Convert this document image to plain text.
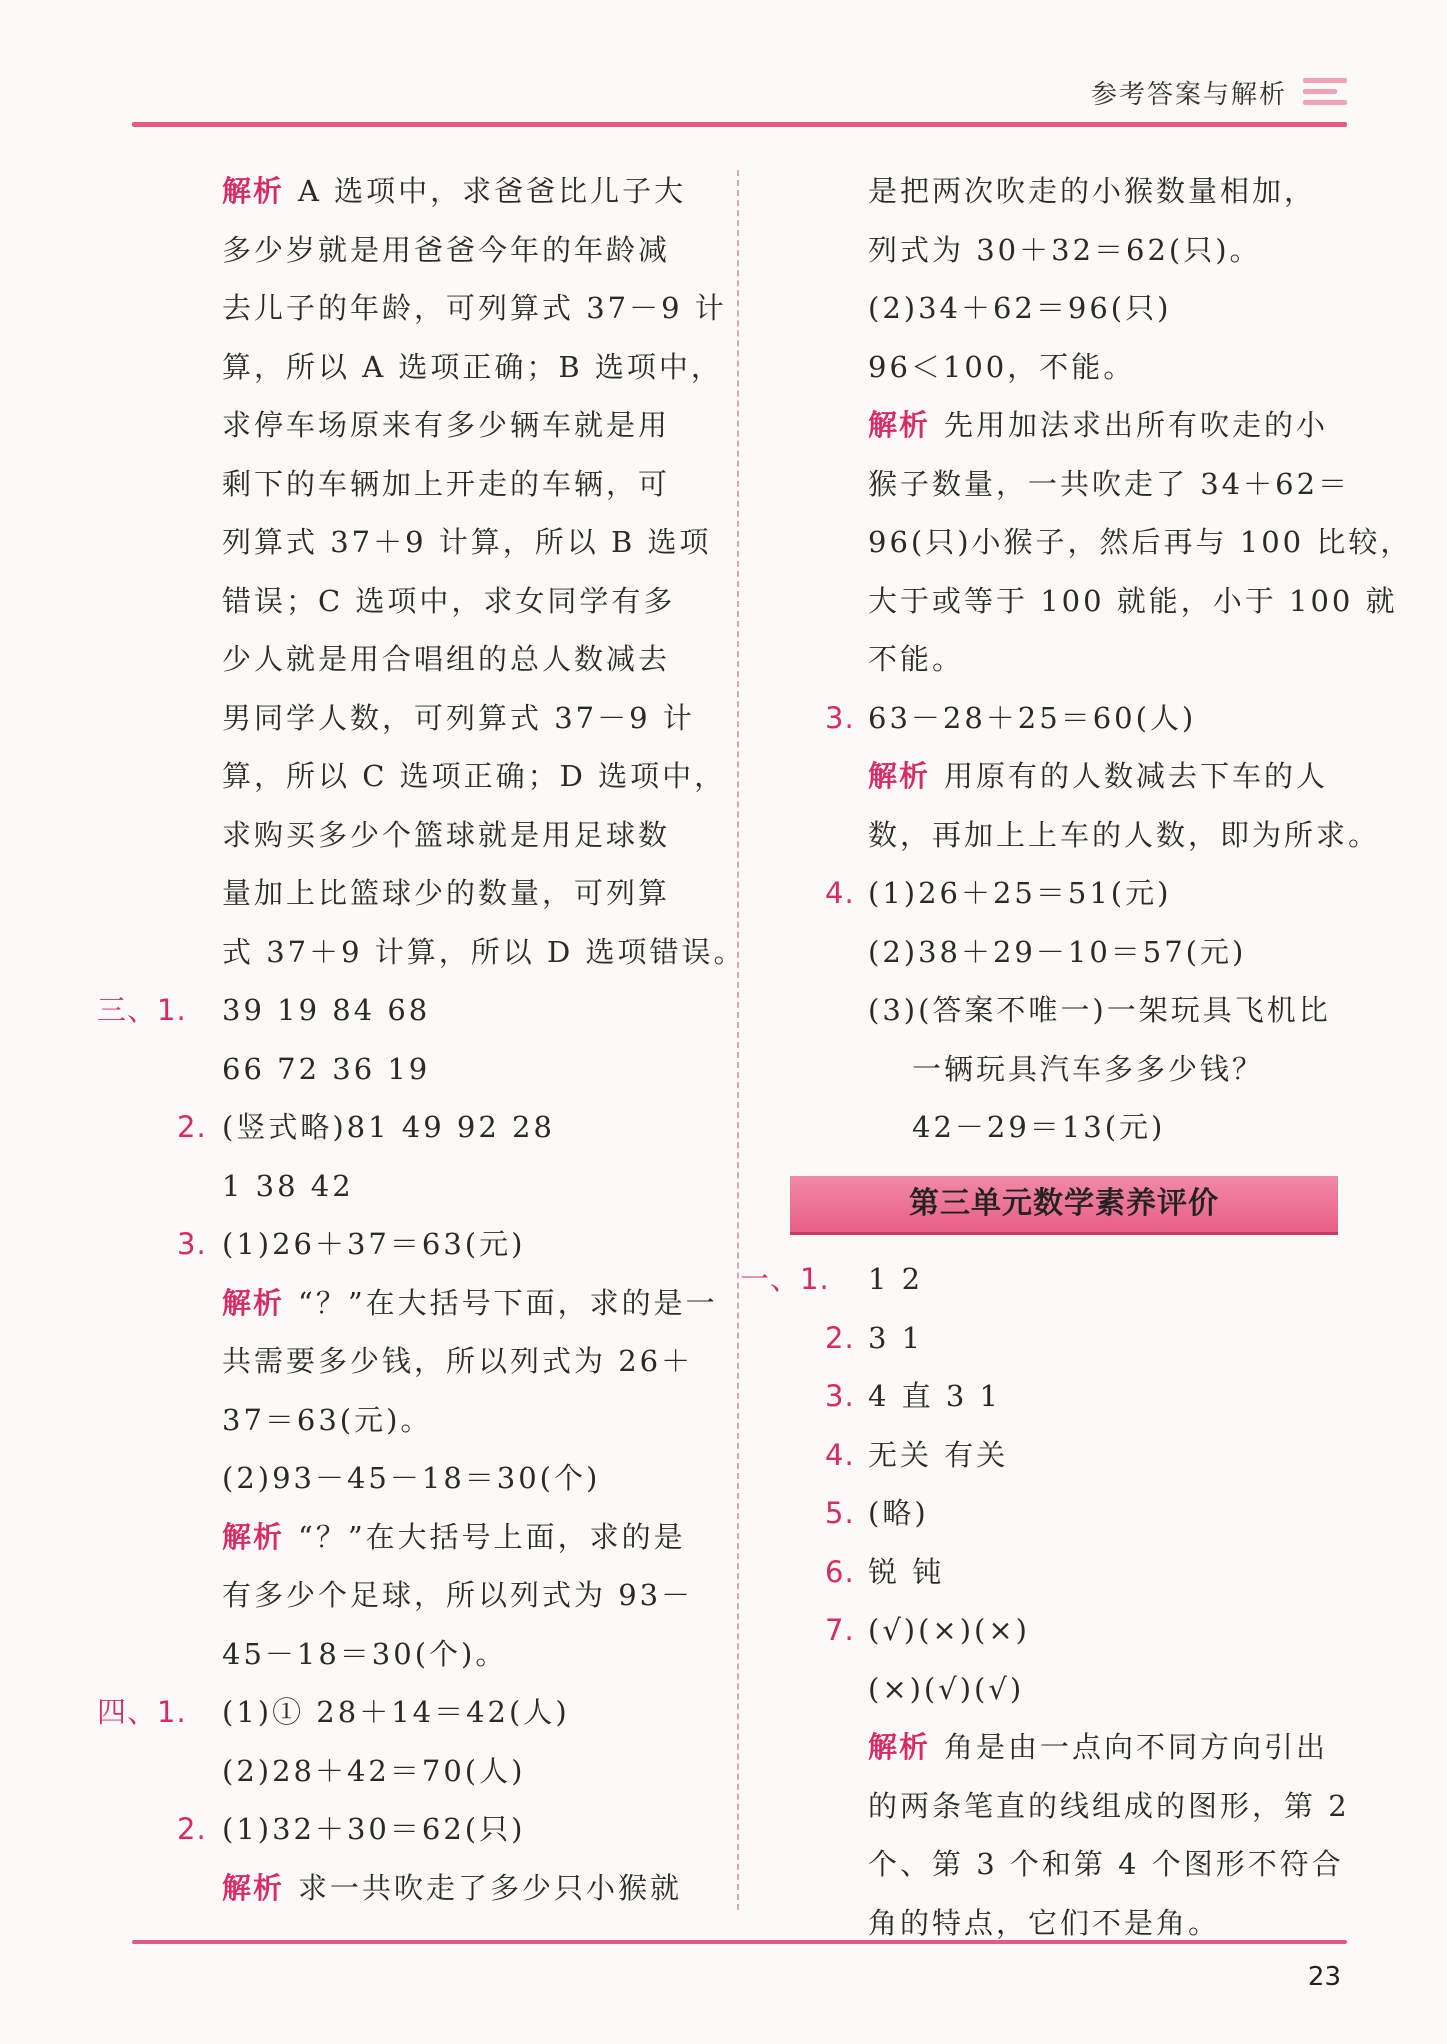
参考答案与解析
解析 A 选项中，求爸爸比儿子大
多少岁就是用爸爸今年的年龄减
去儿子的年龄，可列算式 37－9 计
算，所以 A 选项正确；B 选项中，
求停车场原来有多少辆车就是用
剩下的车辆加上开走的车辆，可
列算式 37＋9 计算，所以 B 选项
错误；C 选项中，求女同学有多
少人就是用合唱组的总人数减去
男同学人数，可列算式 37－9 计
算，所以 C 选项正确；D 选项中，
求购买多少个篮球就是用足球数
量加上比篮球少的数量，可列算
式 37＋9 计算，所以 D 选项错误。
三、1. 39 19 84 68
66 72 36 19
2. (竖式略)81 49 92 28
1 38 42
3. (1)26＋37＝63(元)
解析 “？”在大括号下面，求的是一
共需要多少钱，所以列式为 26＋
37＝63(元)。
(2)93－45－18＝30(个)
解析 “？”在大括号上面，求的是
有多少个足球，所以列式为 93－
45－18＝30(个)。
四、1. (1)① 28＋14＝42(人)
(2)28＋42＝70(人)
2. (1)32＋30＝62(只)
解析 求一共吹走了多少只小猴就
是把两次吹走的小猴数量相加，
列式为 30＋32＝62(只)。
(2)34＋62＝96(只)
96＜100，不能。
解析 先用加法求出所有吹走的小
猴子数量，一共吹走了 34＋62＝
96(只)小猴子，然后再与 100 比较，
大于或等于 100 就能，小于 100 就
不能。
3. 63－28＋25＝60(人)
解析 用原有的人数减去下车的人
数，再加上上车的人数，即为所求。
4. (1)26＋25＝51(元)
(2)38＋29－10＝57(元)
(3)(答案不唯一)一架玩具飞机比
一辆玩具汽车多多少钱？
42－29＝13(元)
第三单元数学素养评价
一、1. 1 2
2. 3 1
3. 4 直 3 1
4. 无关 有关
5. (略)
6. 锐 钝
7. (√)(×)(×)
(×)(√)(√)
解析 角是由一点向不同方向引出
的两条笔直的线组成的图形，第 2
个、第 3 个和第 4 个图形不符合
角的特点，它们不是角。
23
